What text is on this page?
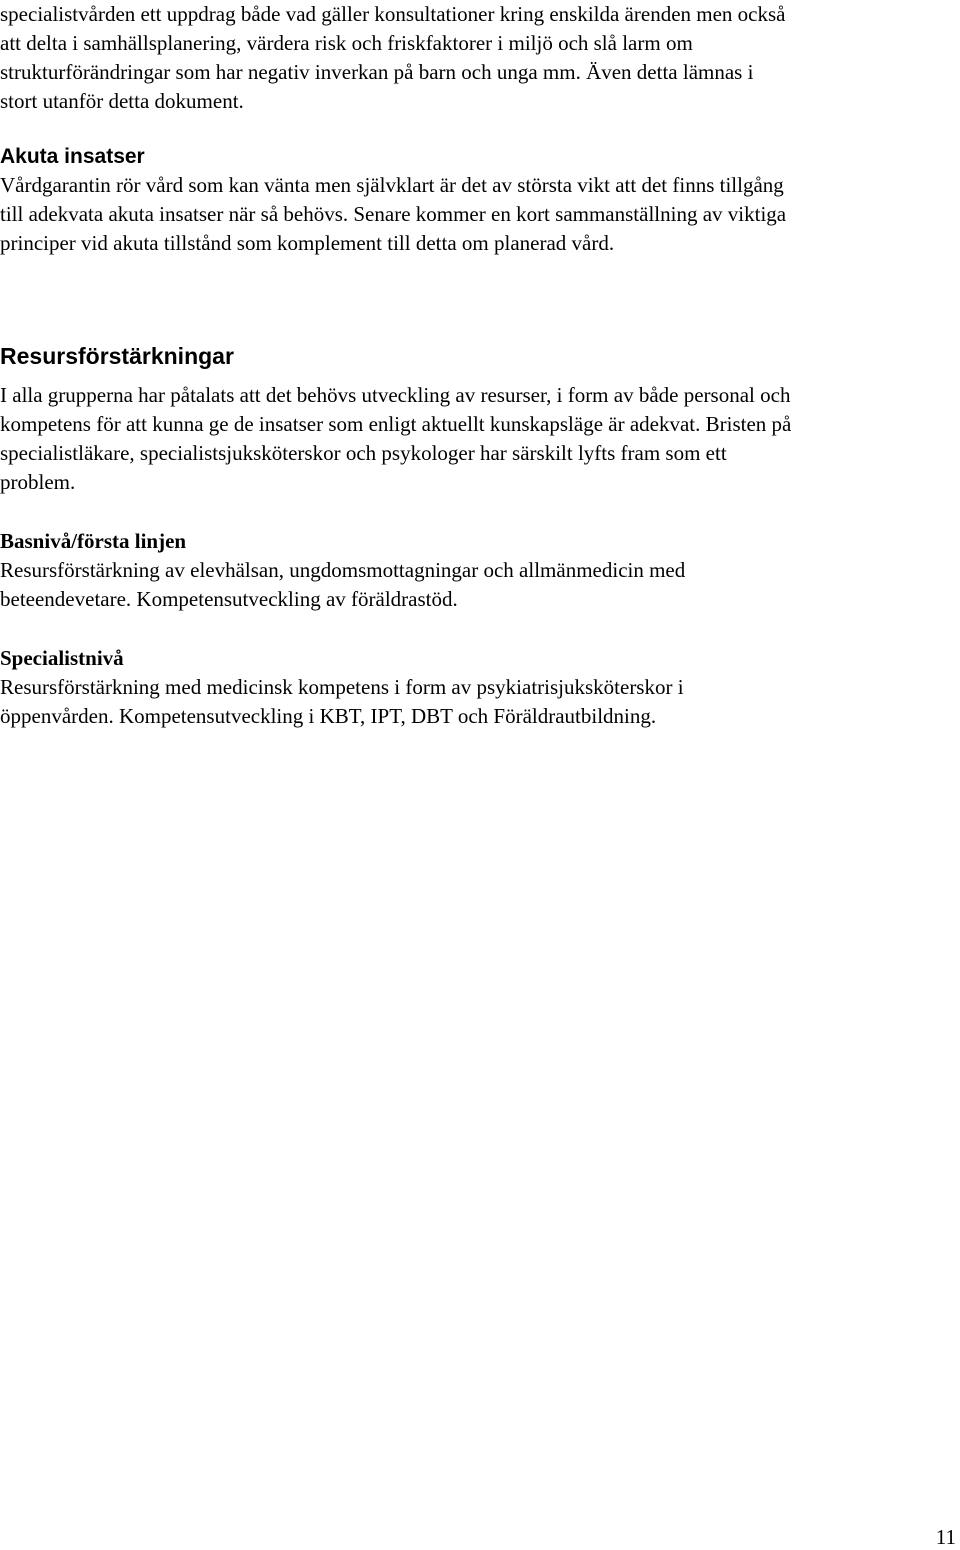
specialistvården ett uppdrag både vad gäller konsultationer kring enskilda ärenden men också
att delta i samhällsplanering, värdera risk och friskfaktorer i miljö och slå larm om
strukturförändringar som har negativ inverkan på barn och unga mm. Även detta lämnas i
stort utanför detta dokument.

Akuta insatser

Vårdgarantin rör vård som kan vänta men självklart är det av största vikt att det finns tillgång
till adekvata akuta insatser när så behövs. Senare kommer en kort sammanställning av viktiga
principer vid akuta tillstånd som komplement till detta om planerad vård.

Resursförstärkningar

I alla grupperna har påtalats att det behövs utveckling av resurser, i form av både personal och
kompetens för att kunna ge de insatser som enligt aktuellt kunskapsläge är adekvat. Bristen på
specialistläkare, specialistsjuksköterskor och psykologer har särskilt lyfts fram som ett
problem.

Basnivå/första linjen

Resursförstärkning av elevhälsan, ungdomsmottagningar och allmänmedicin med
beteendevetare. Kompetensutveckling av föräldrastöd.

Specialistnivå

Resursförstärkning med medicinsk kompetens i form av psykiatrisjuksköterskor i
öppenvården. Kompetensutveckling i KBT, IPT, DBT och Föräldrautbildning.

11
